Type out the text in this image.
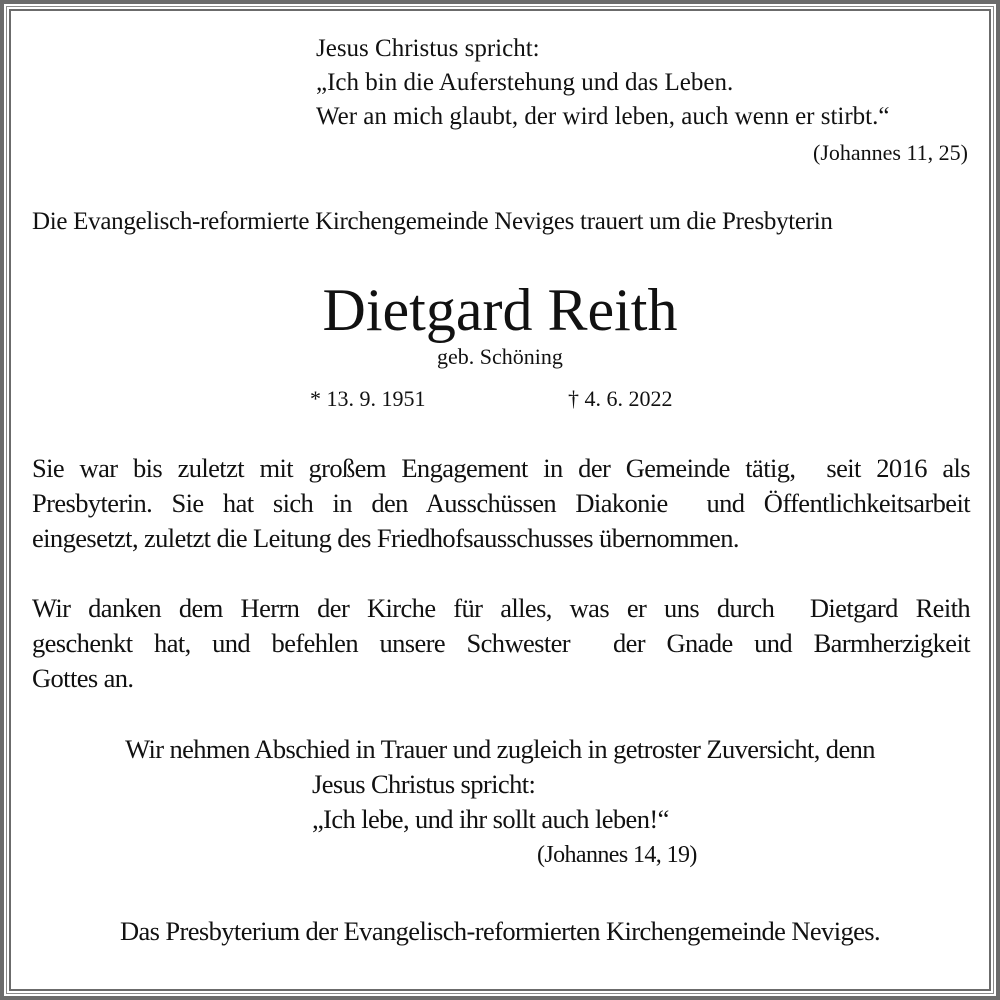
Jesus Christus spricht:
„Ich bin die Auferstehung und das Leben.
Wer an mich glaubt, der wird leben, auch wenn er stirbt.“
(Johannes 11, 25)
Die Evangelisch-reformierte Kirchengemeinde Neviges trauert um die Presbyterin
Dietgard Reith
geb. Schöning
* 13. 9. 1951	† 4. 6. 2022
Sie war bis zuletzt mit großem Engagement in der Gemeinde tätig,  seit 2016 als
Presbyterin. Sie hat sich in den Ausschüssen Diakonie  und Öffentlichkeitsarbeit
eingesetzt, zuletzt die Leitung des Friedhofsausschusses übernommen.
Wir danken dem Herrn der Kirche für alles, was er uns durch  Dietgard Reith
geschenkt hat, und befehlen unsere Schwester  der Gnade und Barmherzigkeit
Gottes an.
Wir nehmen Abschied in Trauer und zugleich in getroster Zuversicht, denn
Jesus Christus spricht:
„Ich lebe, und ihr sollt auch leben!“
(Johannes 14, 19)
Das Presbyterium der Evangelisch-reformierten Kirchengemeinde Neviges.
